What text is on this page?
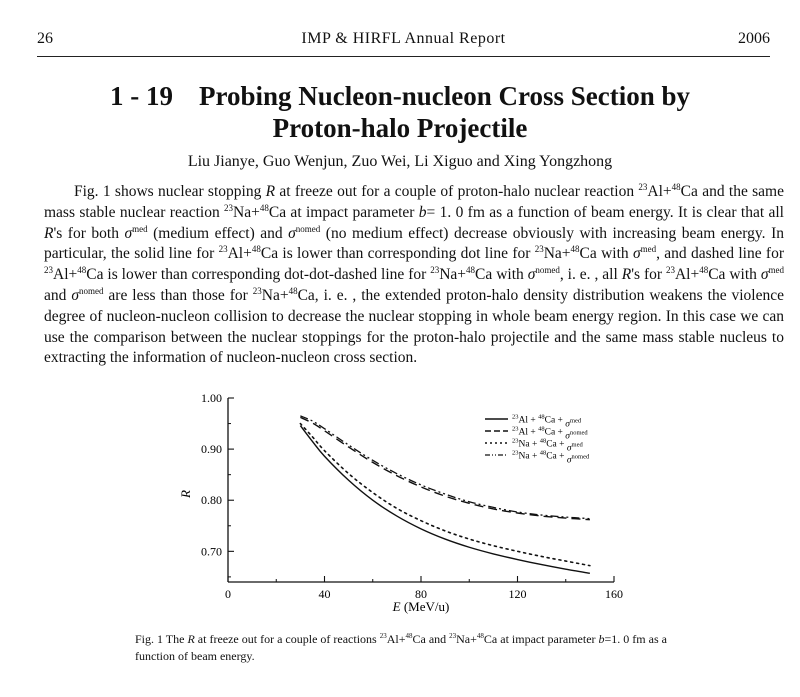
26	IMP & HIRFL Annual Report	2006
1 - 19 Probing Nucleon-nucleon Cross Section by
Proton-halo Projectile
Liu Jianye, Guo Wenjun, Zuo Wei, Li Xiguo and Xing Yongzhong

Fig. 1 shows nuclear stopping R at freeze out for a couple of proton-halo nuclear reaction $^{23}$Al+$^{48}$Ca and the same mass stable nuclear reaction $^{23}$Na+$^{48}$Ca at impact parameter b= 1. 0 fm as a function of beam energy. It is clear that all R's for both $\sigma^{med}$ (medium effect) and $\sigma^{nomed}$ (no medium effect) decrease obviously with increasing beam energy. In particular, the solid line for $^{23}$Al+$^{48}$Ca is lower than corresponding dot line for $^{23}$Na+$^{48}$Ca with $\sigma^{med}$, and dashed line for $^{23}$Al+$^{48}$Ca is lower than corresponding dot-dot-dashed line for $^{23}$Na+$^{48}$Ca with $\sigma^{nomed}$, i. e. , all R's for $^{23}$Al+$^{48}$Ca with $\sigma^{med}$ and $\sigma^{nomed}$ are less than those for $^{23}$Na+$^{48}$Ca, i. e. , the extended proton-halo density distribution weakens the violence degree of nucleon-nucleon collision to decrease the nuclear stopping in whole beam energy region. In this case we can use the comparison between the nuclear stoppings for the proton-halo projectile and the same mass stable nucleus to extracting the information of nucleon-nucleon cross section.

0.70
0.80
0.90
1.00
0	40	80	120	160
R
E (MeV/u)
$^{23}Al + ^{48}Ca + \sigma^{med}$
$^{23}Al + ^{48}Ca + \sigma^{nomed}$
$^{23}Na + ^{48}Ca + \sigma^{med}$
$^{23}Na + ^{48}Ca + \sigma^{nomed}$
Fig. 1 The R at freeze out for a couple of reactions $^{23}$Al+$^{48}$Ca and $^{23}$Na+$^{48}$Ca at impact parameter b=1. 0 fm as a function of beam energy.
